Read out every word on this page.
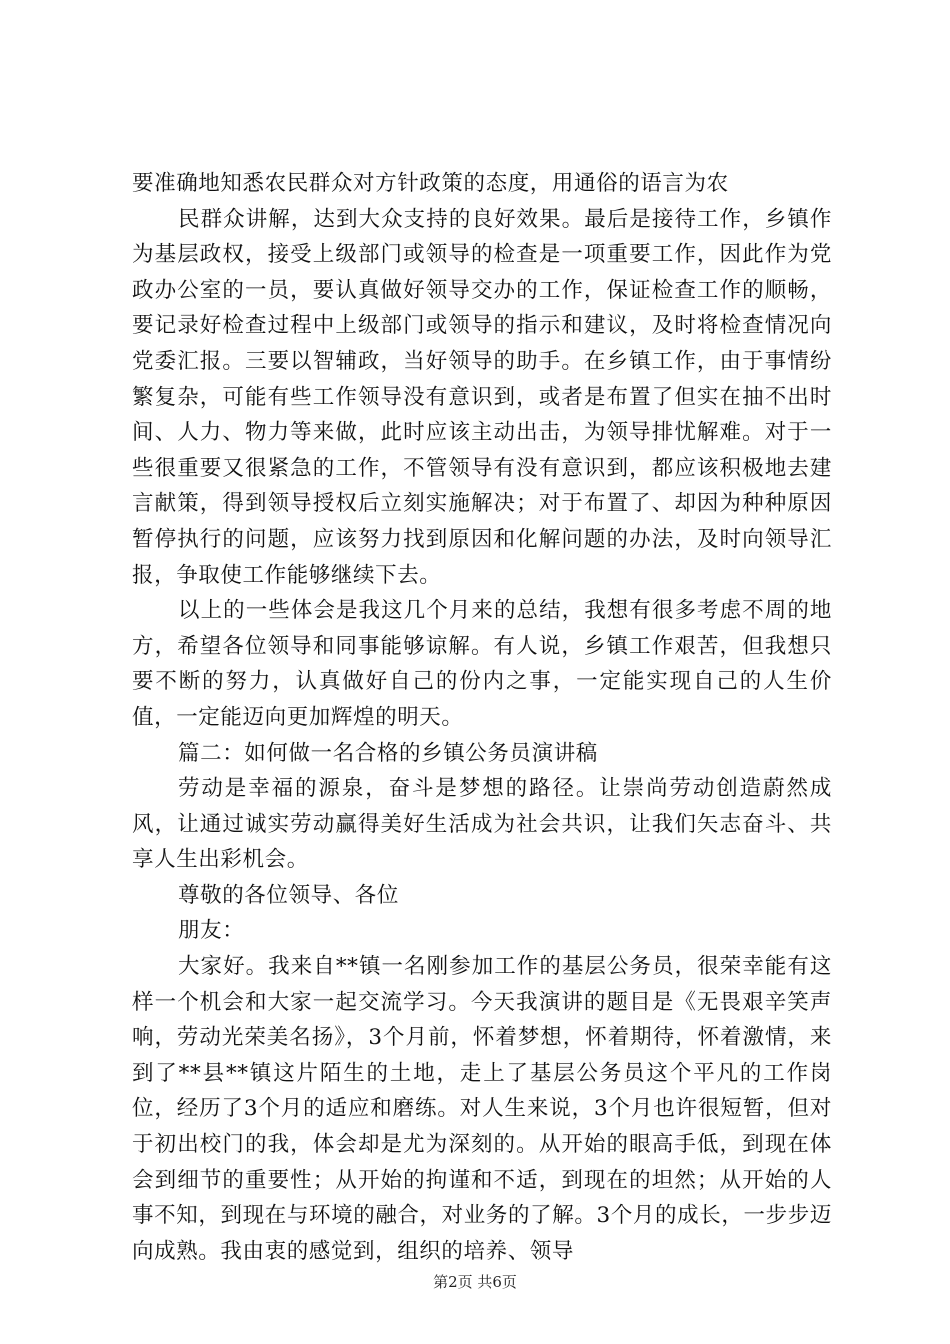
要准确地知悉农民群众对方针政策的态度，用通俗的语言为农

民群众讲解，达到大众支持的良好效果。最后是接待工作，乡镇作为基层政权，接受上级部门或领导的检查是一项重要工作，因此作为党政办公室的一员，要认真做好领导交办的工作，保证检查工作的顺畅，要记录好检查过程中上级部门或领导的指示和建议，及时将检查情况向党委汇报。三要以智辅政，当好领导的助手。在乡镇工作，由于事情纷繁复杂，可能有些工作领导没有意识到，或者是布置了但实在抽不出时间、人力、物力等来做，此时应该主动出击，为领导排忧解难。对于一些很重要又很紧急的工作，不管领导有没有意识到，都应该积极地去建言献策，得到领导授权后立刻实施解决；对于布置了、却因为种种原因暂停执行的问题，应该努力找到原因和化解问题的办法，及时向领导汇报，争取使工作能够继续下去。

以上的一些体会是我这几个月来的总结，我想有很多考虑不周的地方，希望各位领导和同事能够谅解。有人说，乡镇工作艰苦，但我想只要不断的努力，认真做好自己的份内之事，一定能实现自己的人生价值，一定能迈向更加辉煌的明天。

篇二：如何做一名合格的乡镇公务员演讲稿

劳动是幸福的源泉，奋斗是梦想的路径。让崇尚劳动创造蔚然成风，让通过诚实劳动赢得美好生活成为社会共识，让我们矢志奋斗、共享人生出彩机会。

尊敬的各位领导、各位

朋友：

大家好。我来自**镇一名刚参加工作的基层公务员，很荣幸能有这样一个机会和大家一起交流学习。今天我演讲的题目是《无畏艰辛笑声响，劳动光荣美名扬》，3个月前，怀着梦想，怀着期待，怀着激情，来到了**县**镇这片陌生的土地，走上了基层公务员这个平凡的工作岗位，经历了3个月的适应和磨练。对人生来说，3个月也许很短暂，但对于初出校门的我，体会却是尤为深刻的。从开始的眼高手低，到现在体会到细节的重要性；从开始的拘谨和不适，到现在的坦然；从开始的人事不知，到现在与环境的融合，对业务的了解。3个月的成长，一步步迈向成熟。我由衷的感觉到，组织的培养、领导

第2页 共6页
